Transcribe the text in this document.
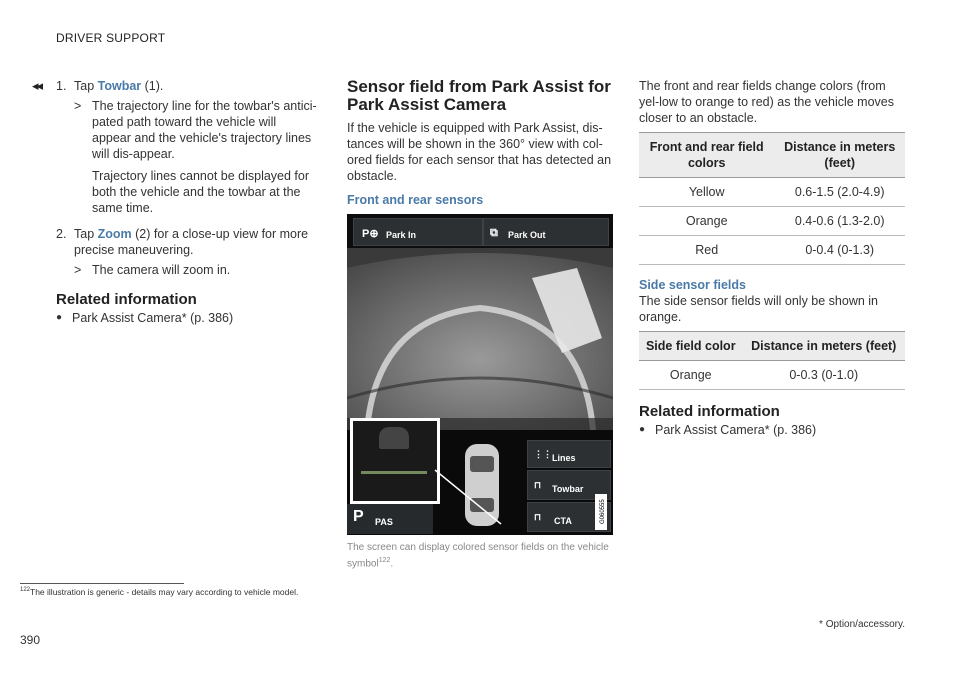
DRIVER SUPPORT
◂◂ 1. Tap Towbar (1).
> The trajectory line for the towbar's antici-pated path toward the vehicle will appear and the vehicle's trajectory lines will dis-appear.
Trajectory lines cannot be displayed for both the vehicle and the towbar at the same time.
2. Tap Zoom (2) for a close-up view for more precise maneuvering.
> The camera will zoom in.
Related information
● Park Assist Camera* (p. 386)
Sensor field from Park Assist for Park Assist Camera
If the vehicle is equipped with Park Assist, dis-tances will be shown in the 360° view with col-ored fields for each sensor that has detected an obstacle.
Front and rear sensors
P⊕ Park In	⧉ Park Out
P PAS
⋮⋮ Lines
⊓ Towbar
⊓ CTA	G060555
The screen can display colored sensor fields on the vehicle symbol$^{122}$.
The front and rear fields change colors (from yel-low to orange to red) as the vehicle moves closer to an obstacle.
Front and rear field colors	Distance in meters (feet)
Yellow	0.6-1.5 (2.0-4.9)
Orange	0.4-0.6 (1.3-2.0)
Red	0-0.4 (0-1.3)
Side sensor fields
The side sensor fields will only be shown in orange.
Side field color	Distance in meters (feet)
Orange	0-0.3 (0-1.0)
Related information
● Park Assist Camera* (p. 386)
$^{122}$The illustration is generic - details may vary according to vehicle model.
* Option/accessory.
390
